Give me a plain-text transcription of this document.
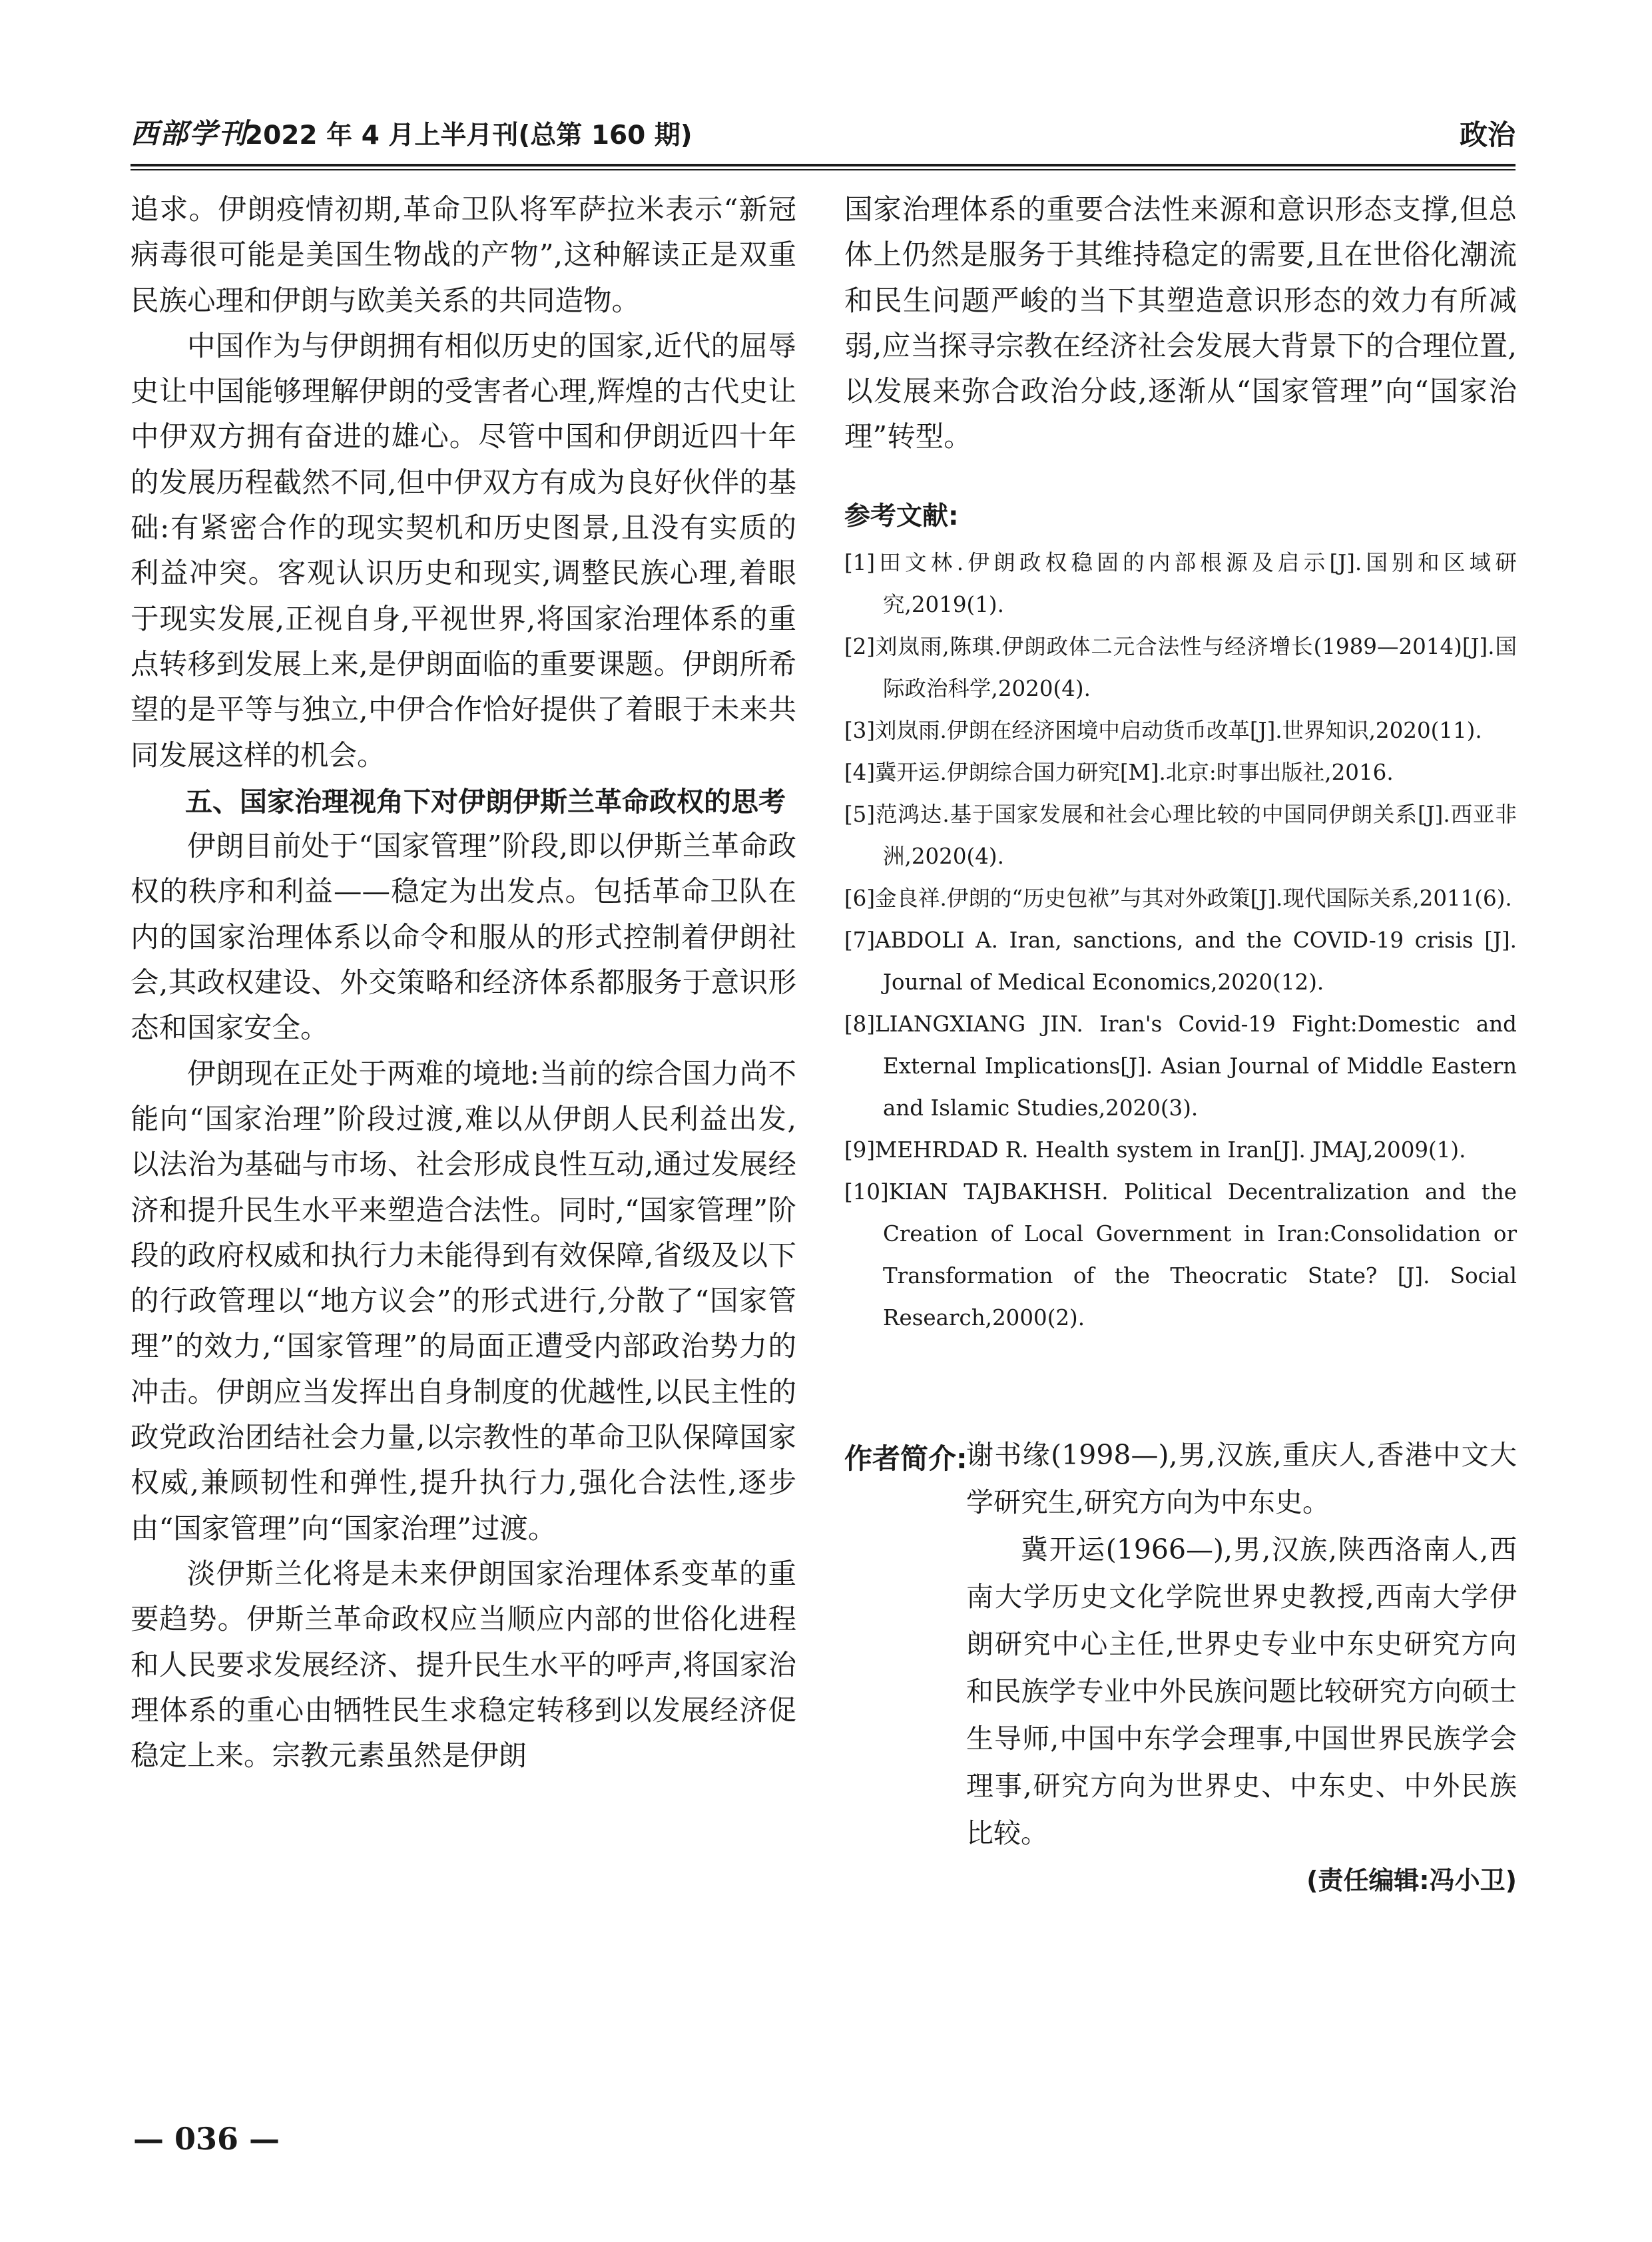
西部学刊
2022 年 4 月上半月刊(总第 160 期)	政治

追求。伊朗疫情初期,革命卫队将军萨拉米表示“新冠病毒很可能是美国生物战的产物”,这种解读正是双重民族心理和伊朗与欧美关系的共同造物。

中国作为与伊朗拥有相似历史的国家,近代的屈辱史让中国能够理解伊朗的受害者心理,辉煌的古代史让中伊双方拥有奋进的雄心。尽管中国和伊朗近四十年的发展历程截然不同,但中伊双方有成为良好伙伴的基础:有紧密合作的现实契机和历史图景,且没有实质的利益冲突。客观认识历史和现实,调整民族心理,着眼于现实发展,正视自身,平视世界,将国家治理体系的重点转移到发展上来,是伊朗面临的重要课题。伊朗所希望的是平等与独立,中伊合作恰好提供了着眼于未来共同发展这样的机会。

五、国家治理视角下对伊朗伊斯兰革命政权的思考

伊朗目前处于“国家管理”阶段,即以伊斯兰革命政权的秩序和利益——稳定为出发点。包括革命卫队在内的国家治理体系以命令和服从的形式控制着伊朗社会,其政权建设、外交策略和经济体系都服务于意识形态和国家安全。

伊朗现在正处于两难的境地:当前的综合国力尚不能向“国家治理”阶段过渡,难以从伊朗人民利益出发,以法治为基础与市场、社会形成良性互动,通过发展经济和提升民生水平来塑造合法性。同时,“国家管理”阶段的政府权威和执行力未能得到有效保障,省级及以下的行政管理以“地方议会”的形式进行,分散了“国家管理”的效力,“国家管理”的局面正遭受内部政治势力的冲击。伊朗应当发挥出自身制度的优越性,以民主性的政党政治团结社会力量,以宗教性的革命卫队保障国家权威,兼顾韧性和弹性,提升执行力,强化合法性,逐步由“国家管理”向“国家治理”过渡。

淡伊斯兰化将是未来伊朗国家治理体系变革的重要趋势。伊斯兰革命政权应当顺应内部的世俗化进程和人民要求发展经济、提升民生水平的呼声,将国家治理体系的重心由牺牲民生求稳定转移到以发展经济促稳定上来。宗教元素虽然是伊朗

国家治理体系的重要合法性来源和意识形态支撑,但总体上仍然是服务于其维持稳定的需要,且在世俗化潮流和民生问题严峻的当下其塑造意识形态的效力有所减弱,应当探寻宗教在经济社会发展大背景下的合理位置,以发展来弥合政治分歧,逐渐从“国家管理”向“国家治理”转型。

参考文献:

[1]田文林.伊朗政权稳固的内部根源及启示[J].国别和区域研究,2019(1).

[2]刘岚雨,陈琪.伊朗政体二元合法性与经济增长(1989—2014)[J].国际政治科学,2020(4).

[3]刘岚雨.伊朗在经济困境中启动货币改革[J].世界知识,2020(11).

[4]冀开运.伊朗综合国力研究[M].北京:时事出版社,2016.

[5]范鸿达.基于国家发展和社会心理比较的中国同伊朗关系[J].西亚非洲,2020(4).

[6]金良祥.伊朗的“历史包袱”与其对外政策[J].现代国际关系,2011(6).

[7]ABDOLI A. Iran, sanctions, and the COVID-19 crisis [J]. Journal of Medical Economics,2020(12).

[8]LIANGXIANG JIN. Iran's Covid-19 Fight:Domestic and External Implications[J]. Asian Journal of Middle Eastern and Islamic Studies,2020(3).

[9]MEHRDAD R. Health system in Iran[J]. JMAJ,2009(1).

[10]KIAN TAJBAKHSH. Political Decentralization and the Creation of Local Government in Iran:Consolidation or Transformation of the Theocratic State? [J]. Social Research,2000(2).

作者简介:

谢书缘(1998—),男,汉族,重庆人,香港中文大学研究生,研究方向为中东史。

冀开运(1966—),男,汉族,陕西洛南人,西南大学历史文化学院世界史教授,西南大学伊朗研究中心主任,世界史专业中东史研究方向和民族学专业中外民族问题比较研究方向硕士生导师,中国中东学会理事,中国世界民族学会理事,研究方向为世界史、中东史、中外民族比较。

(责任编辑:冯小卫)
— 036 —
